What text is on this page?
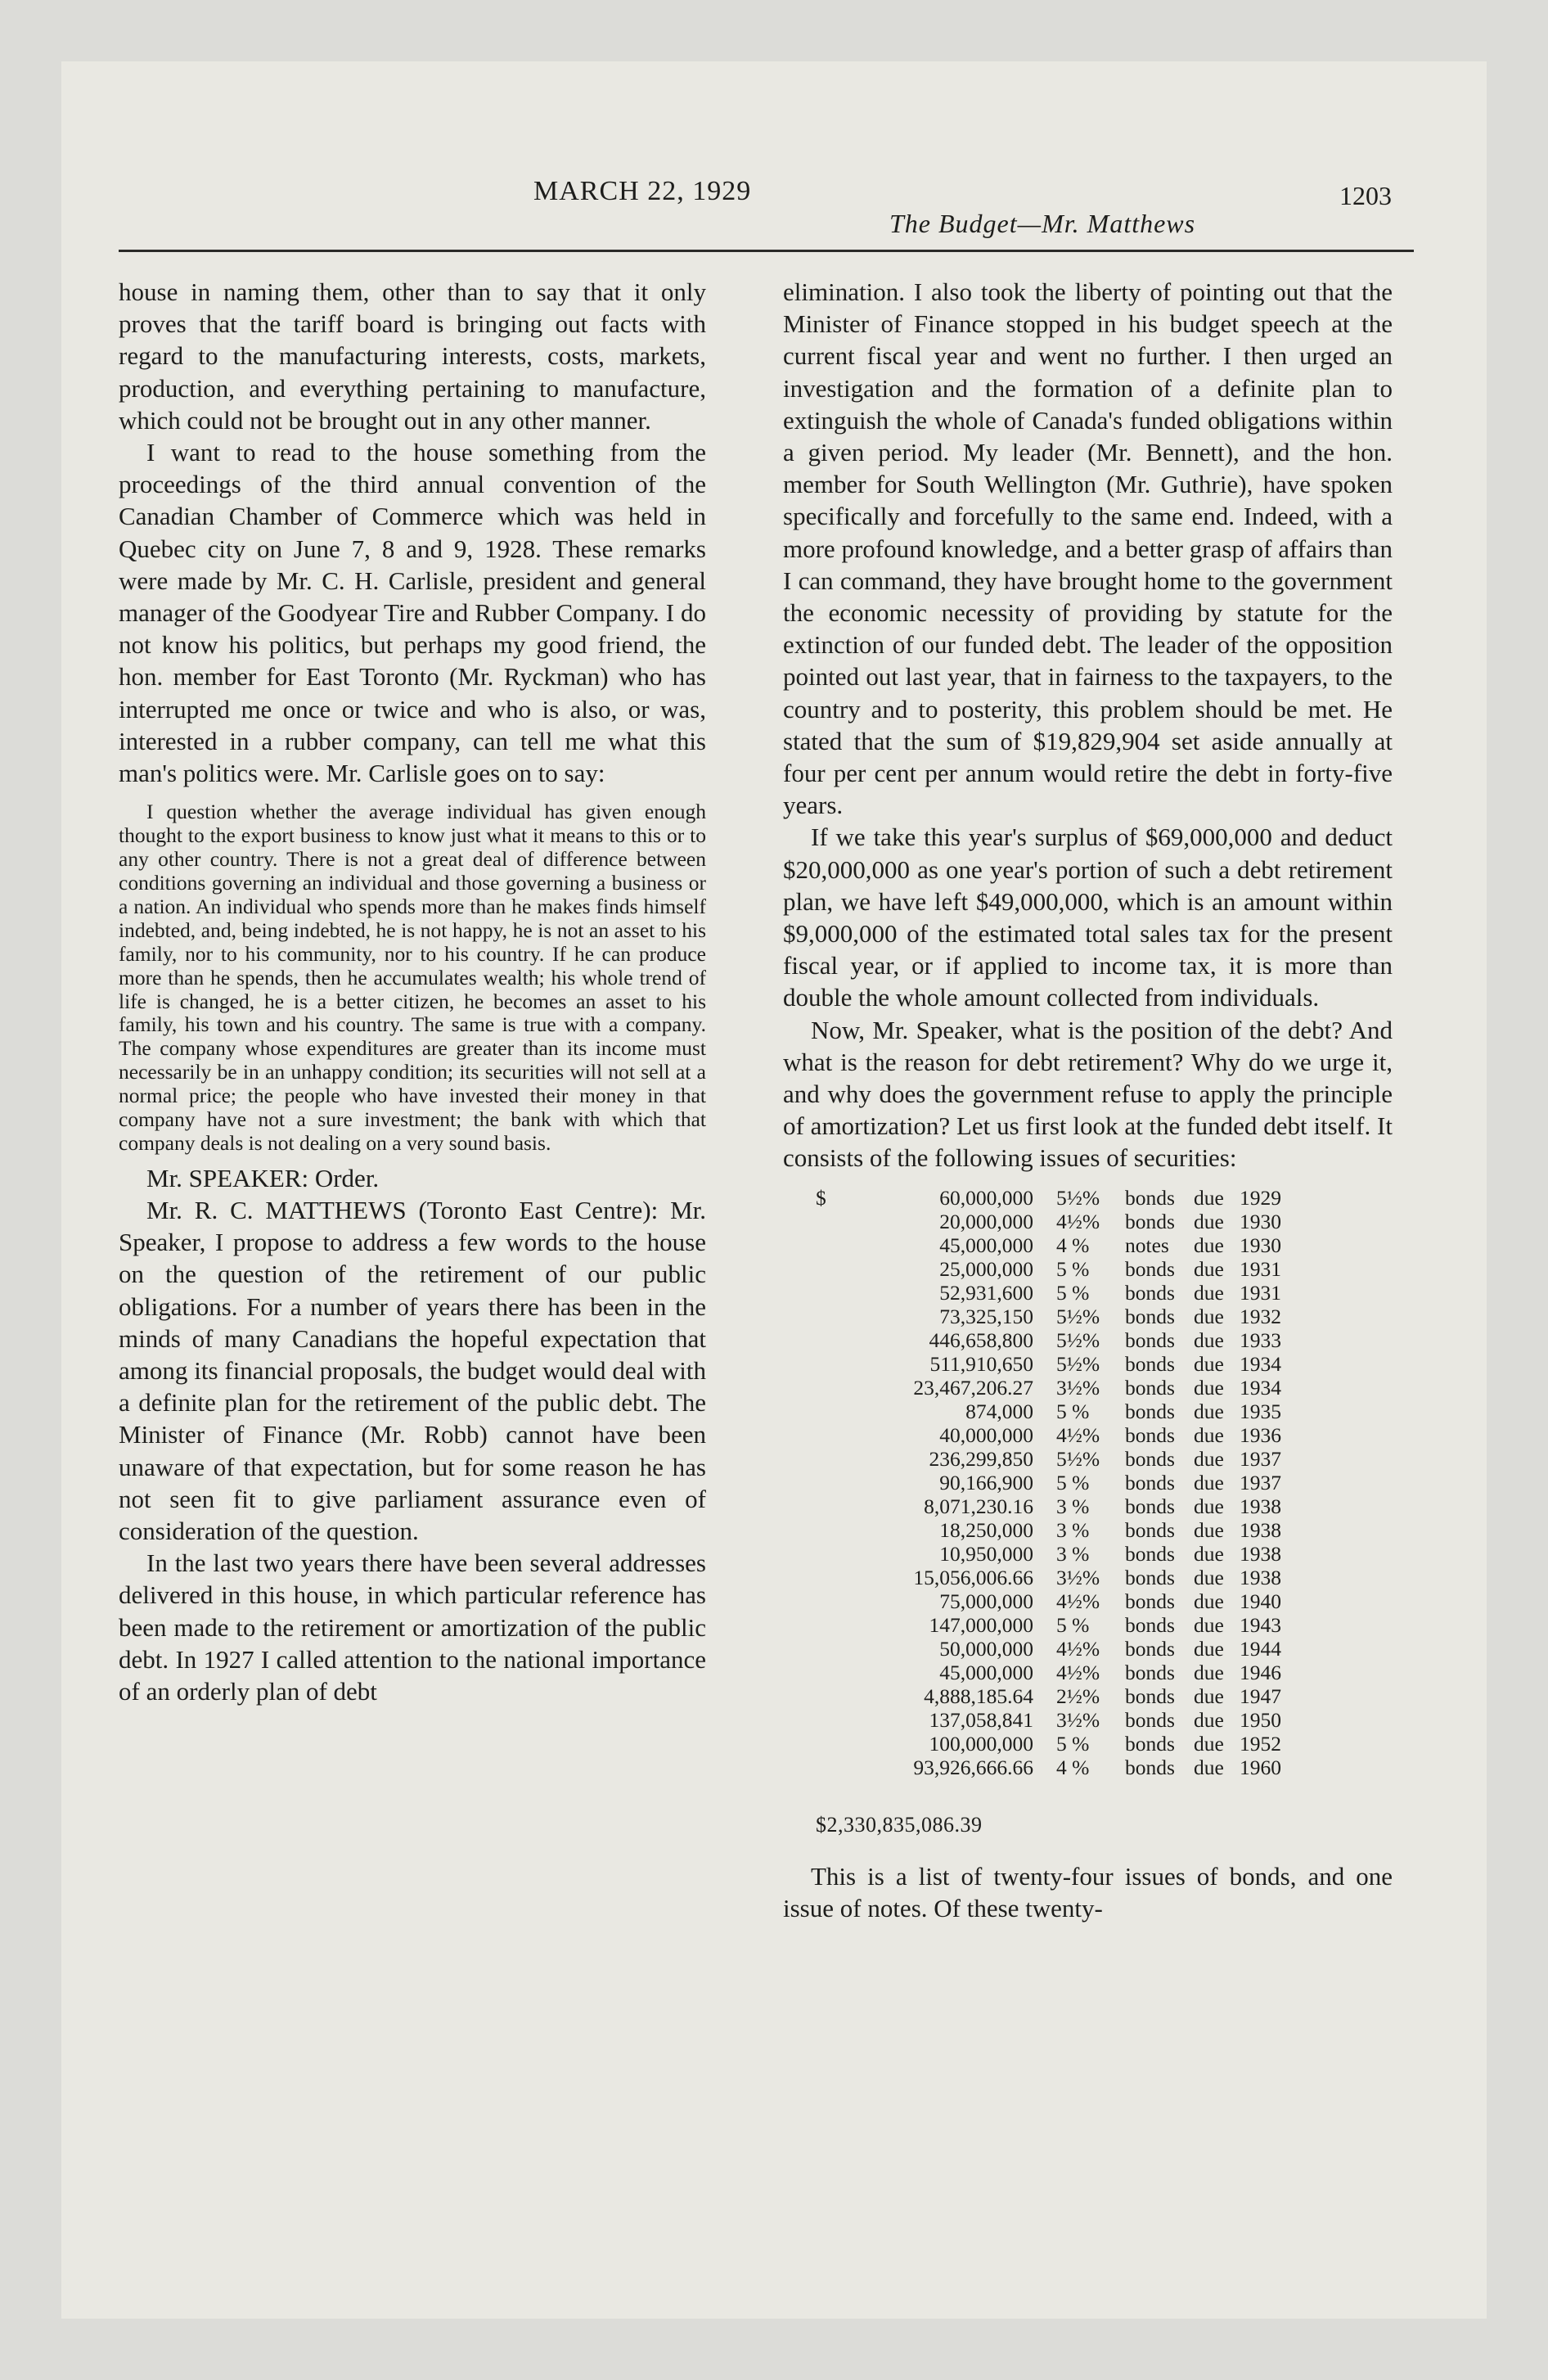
MARCH 22, 1929	1203
The Budget—Mr. Matthews

house in naming them, other than to say that it only proves that the tariff board is bringing out facts with regard to the manufacturing interests, costs, markets, production, and everything pertaining to manufacture, which could not be brought out in any other manner.

I want to read to the house something from the proceedings of the third annual convention of the Canadian Chamber of Commerce which was held in Quebec city on June 7, 8 and 9, 1928. These remarks were made by Mr. C. H. Carlisle, president and general manager of the Goodyear Tire and Rubber Company. I do not know his politics, but perhaps my good friend, the hon. member for East Toronto (Mr. Ryckman) who has interrupted me once or twice and who is also, or was, interested in a rubber company, can tell me what this man's politics were. Mr. Carlisle goes on to say:

I question whether the average individual has given enough thought to the export business to know just what it means to this or to any other country. There is not a great deal of difference between conditions governing an individual and those governing a business or a nation. An individual who spends more than he makes finds himself indebted, and, being indebted, he is not happy, he is not an asset to his family, nor to his community, nor to his country. If he can produce more than he spends, then he accumulates wealth; his whole trend of life is changed, he is a better citizen, he becomes an asset to his family, his town and his country. The same is true with a company. The company whose expenditures are greater than its income must necessarily be in an unhappy condition; its securities will not sell at a normal price; the people who have invested their money in that company have not a sure investment; the bank with which that company deals is not dealing on a very sound basis.

Mr. SPEAKER: Order.

Mr. R. C. MATTHEWS (Toronto East Centre): Mr. Speaker, I propose to address a few words to the house on the question of the retirement of our public obligations. For a number of years there has been in the minds of many Canadians the hopeful expectation that among its financial proposals, the budget would deal with a definite plan for the retirement of the public debt. The Minister of Finance (Mr. Robb) cannot have been unaware of that expectation, but for some reason he has not seen fit to give parliament assurance even of consideration of the question.

In the last two years there have been several addresses delivered in this house, in which particular reference has been made to the retirement or amortization of the public debt. In 1927 I called attention to the national importance of an orderly plan of debt

elimination. I also took the liberty of pointing out that the Minister of Finance stopped in his budget speech at the current fiscal year and went no further. I then urged an investigation and the formation of a definite plan to extinguish the whole of Canada's funded obligations within a given period. My leader (Mr. Bennett), and the hon. member for South Wellington (Mr. Guthrie), have spoken specifically and forcefully to the same end. Indeed, with a more profound knowledge, and a better grasp of affairs than I can command, they have brought home to the government the economic necessity of providing by statute for the extinction of our funded debt. The leader of the opposition pointed out last year, that in fairness to the taxpayers, to the country and to posterity, this problem should be met. He stated that the sum of $19,829,904 set aside annually at four per cent per annum would retire the debt in forty-five years.

If we take this year's surplus of $69,000,000 and deduct $20,000,000 as one year's portion of such a debt retirement plan, we have left $49,000,000, which is an amount within $9,000,000 of the estimated total sales tax for the present fiscal year, or if applied to income tax, it is more than double the whole amount collected from individuals.

Now, Mr. Speaker, what is the position of the debt? And what is the reason for debt retirement? Why do we urge it, and why does the government refuse to apply the principle of amortization? Let us first look at the funded debt itself. It consists of the following issues of securities:

$	60,000,000	5½%	bonds	due	1929
	20,000,000	4½%	bonds	due	1930
	45,000,000	4 %	notes	due	1930
	25,000,000	5 %	bonds	due	1931
	52,931,600	5 %	bonds	due	1931
	73,325,150	5½%	bonds	due	1932
	446,658,800	5½%	bonds	due	1933
	511,910,650	5½%	bonds	due	1934
	23,467,206.27	3½%	bonds	due	1934
	874,000	5 %	bonds	due	1935
	40,000,000	4½%	bonds	due	1936
	236,299,850	5½%	bonds	due	1937
	90,166,900	5 %	bonds	due	1937
	8,071,230.16	3 %	bonds	due	1938
	18,250,000	3 %	bonds	due	1938
	10,950,000	3 %	bonds	due	1938
	15,056,006.66	3½%	bonds	due	1938
	75,000,000	4½%	bonds	due	1940
	147,000,000	5 %	bonds	due	1943
	50,000,000	4½%	bonds	due	1944
	45,000,000	4½%	bonds	due	1946
	4,888,185.64	2½%	bonds	due	1947
	137,058,841	3½%	bonds	due	1950
	100,000,000	5 %	bonds	due	1952
	93,926,666.66	4 %	bonds	due	1960
$2,330,835,086.39

This is a list of twenty-four issues of bonds, and one issue of notes. Of these twenty-
